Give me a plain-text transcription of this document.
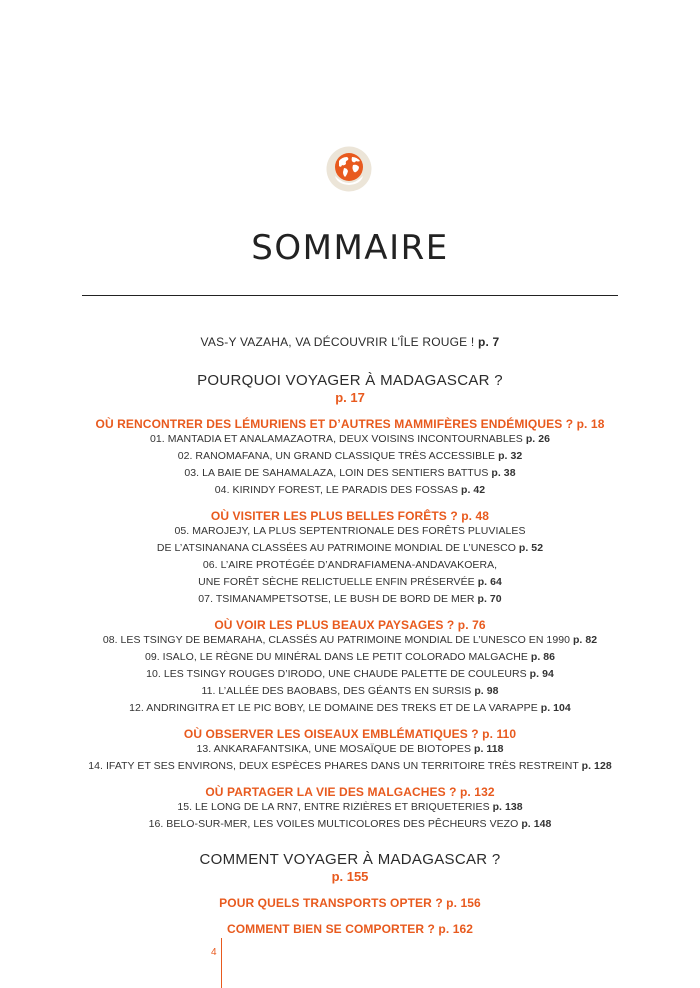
SOMMAIRE
VAS-Y VAZAHA, VA DÉCOUVRIR L’ÎLE ROUGE ! p. 7
POURQUOI VOYAGER À MADAGASCAR ?
p. 17
OÙ RENCONTRER DES LÉMURIENS ET D’AUTRES MAMMIFÈRES ENDÉMIQUES ? p. 18
01. MANTADIA ET ANALAMAZAOTRA, DEUX VOISINS INCONTOURNABLES p. 26
02. RANOMAFANA, UN GRAND CLASSIQUE TRÈS ACCESSIBLE p. 32
03. LA BAIE DE SAHAMALAZA, LOIN DES SENTIERS BATTUS p. 38
04. KIRINDY FOREST, LE PARADIS DES FOSSAS p. 42
OÙ VISITER LES PLUS BELLES FORÊTS ? p. 48
05. MAROJEJY, LA PLUS SEPTENTRIONALE DES FORÊTS PLUVIALES
DE L’ATSINANANA CLASSÉES AU PATRIMOINE MONDIAL DE L’UNESCO p. 52
06. L’AIRE PROTÉGÉE D’ANDRAFIAMENA-ANDAVAKOERA,
UNE FORÊT SÈCHE RELICTUELLE ENFIN PRÉSERVÉE p. 64
07. TSIMANAMPETSOTSE, LE BUSH DE BORD DE MER p. 70
OÙ VOIR LES PLUS BEAUX PAYSAGES ? p. 76
08. LES TSINGY DE BEMARAHA, CLASSÉS AU PATRIMOINE MONDIAL DE L’UNESCO EN 1990 p. 82
09. ISALO, LE RÈGNE DU MINÉRAL DANS LE PETIT COLORADO MALGACHE p. 86
10. LES TSINGY ROUGES D’IRODO, UNE CHAUDE PALETTE DE COULEURS p. 94
11. L’ALLÉE DES BAOBABS, DES GÉANTS EN SURSIS p. 98
12. ANDRINGITRA ET LE PIC BOBY, LE DOMAINE DES TREKS ET DE LA VARAPPE p. 104
OÙ OBSERVER LES OISEAUX EMBLÉMATIQUES ? p. 110
13. ANKARAFANTSIKA, UNE MOSAÏQUE DE BIOTOPES p. 118
14. IFATY ET SES ENVIRONS, DEUX ESPÈCES PHARES DANS UN TERRITOIRE TRÈS RESTREINT p. 128
OÙ PARTAGER LA VIE DES MALGACHES ? p. 132
15. LE LONG DE LA RN7, ENTRE RIZIÈRES ET BRIQUETERIES p. 138
16. BELO-SUR-MER, LES VOILES MULTICOLORES DES PÊCHEURS VEZO p. 148
COMMENT VOYAGER À MADAGASCAR ?
p. 155
POUR QUELS TRANSPORTS OPTER ? p. 156
COMMENT BIEN SE COMPORTER ? p. 162
4
